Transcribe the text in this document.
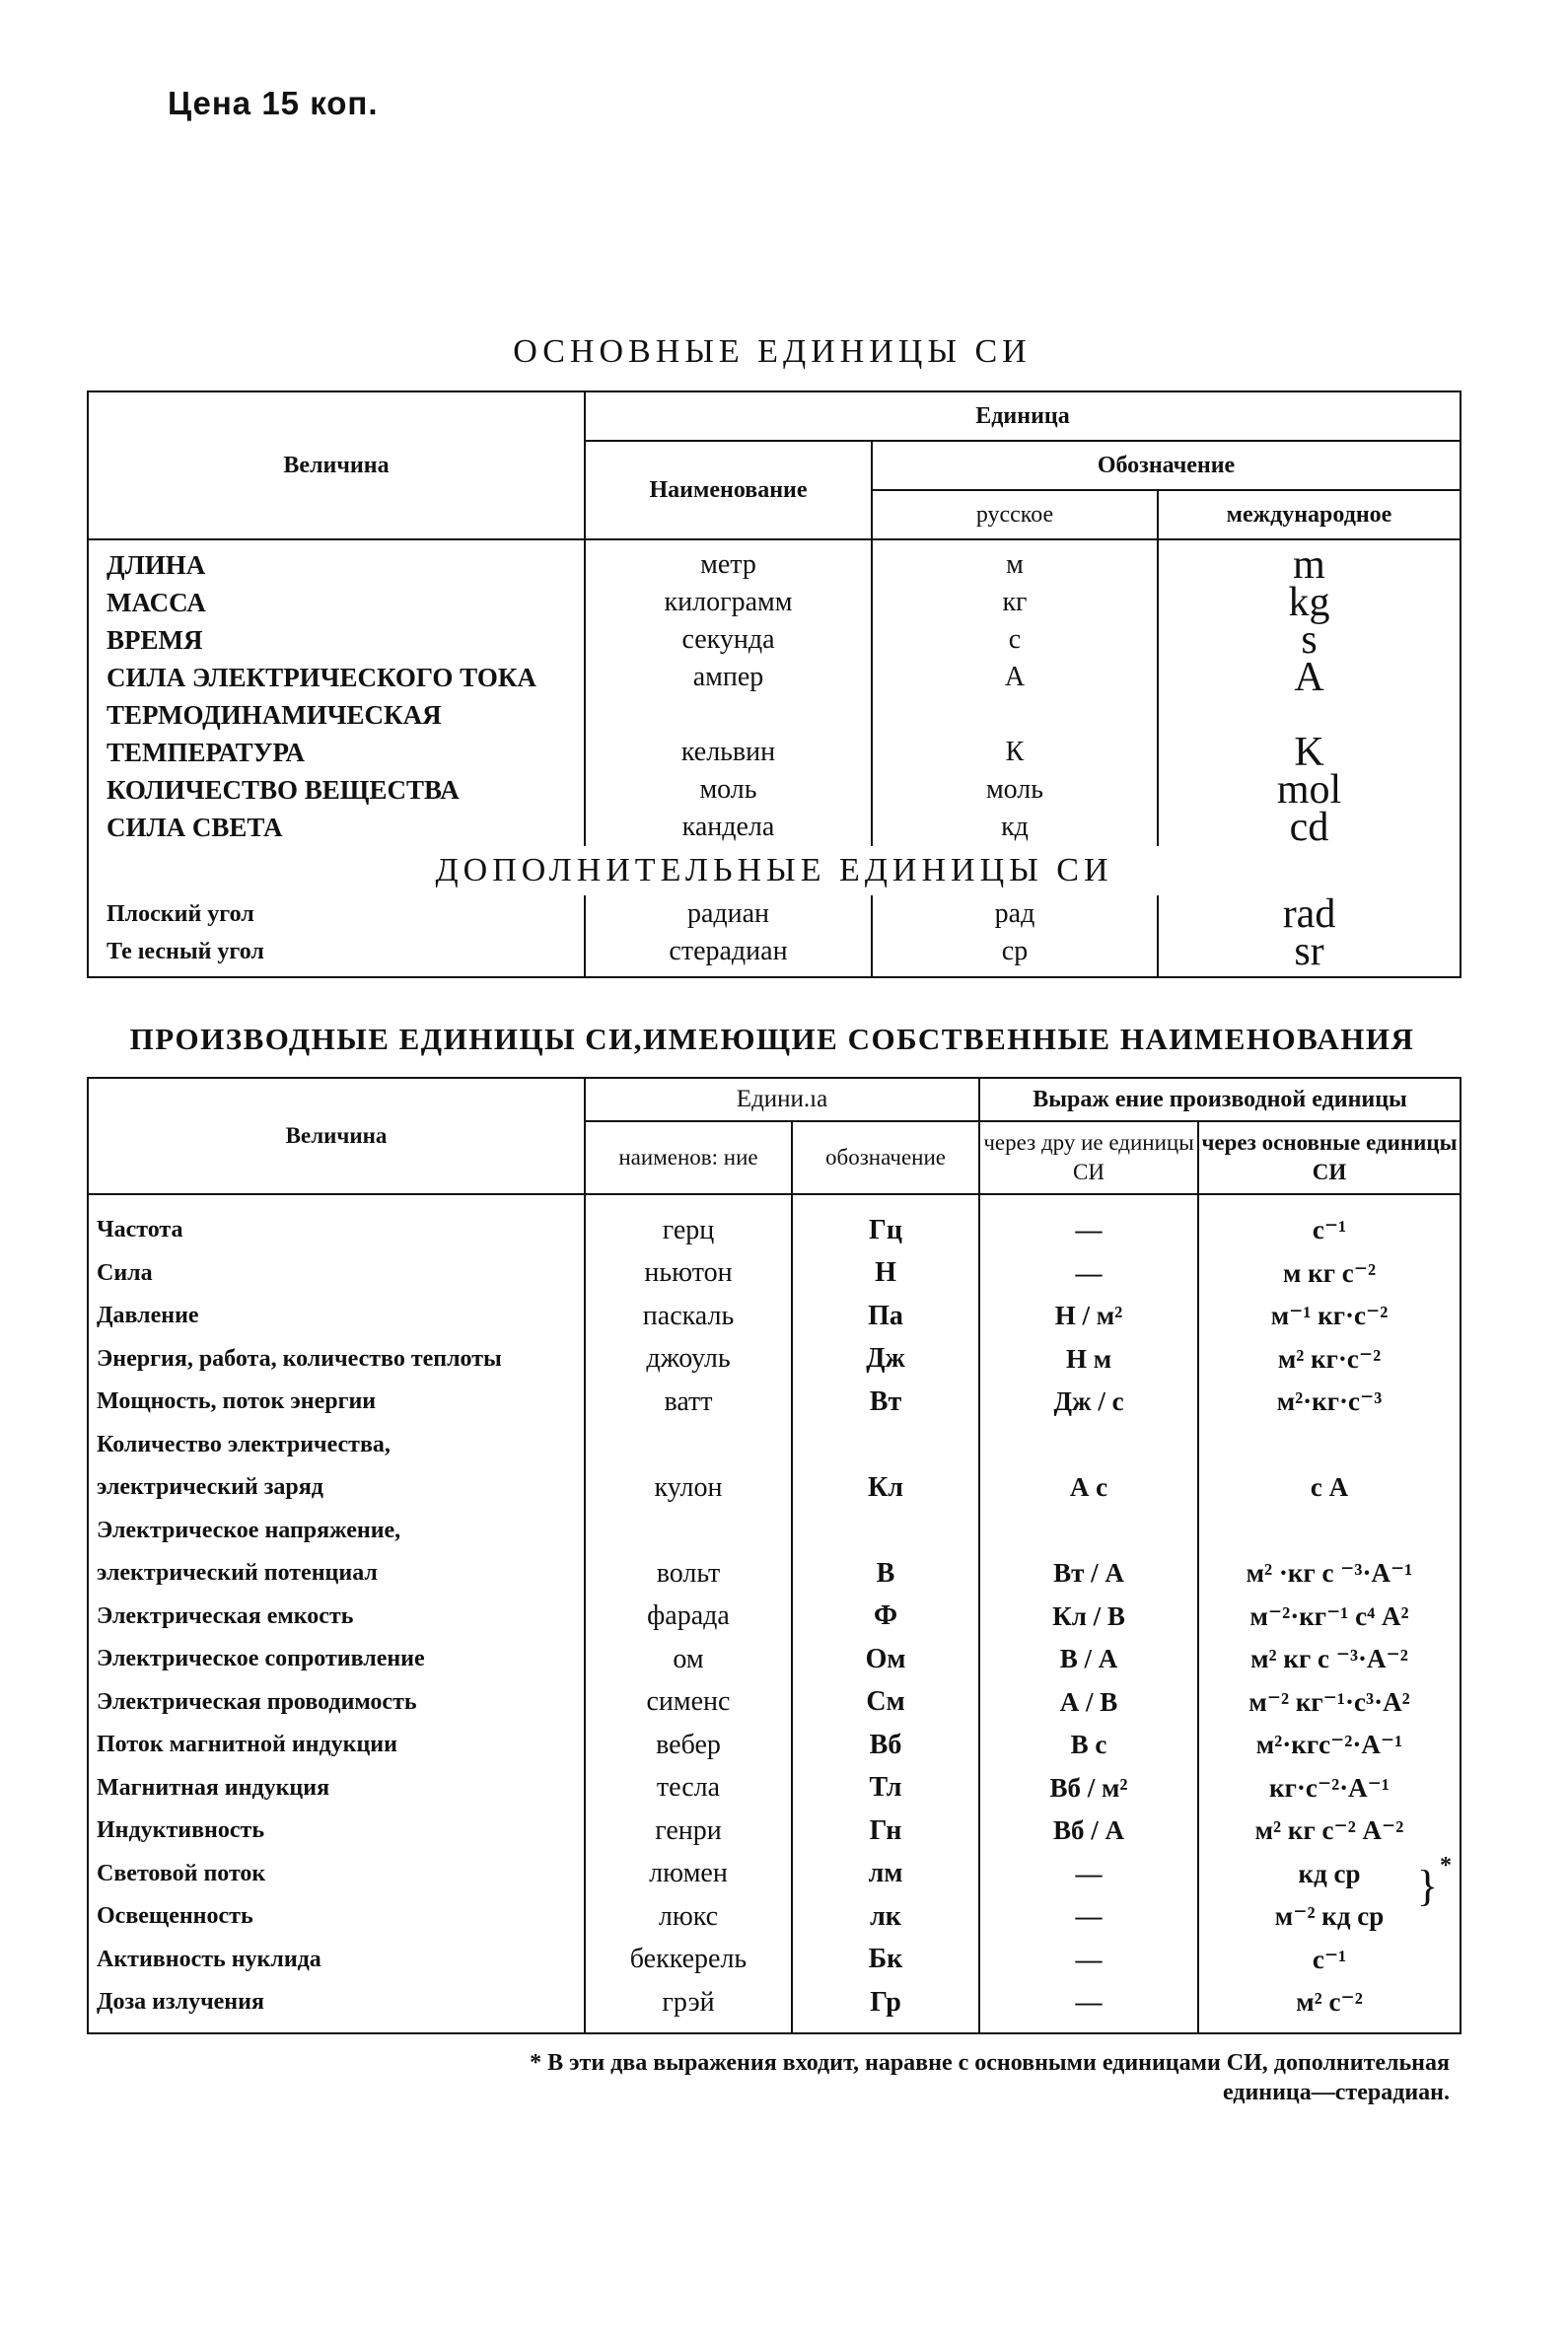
Цена 15 коп.
ОСНОВНЫЕ ЕДИНИЦЫ СИ
Величина	Единица		
	Наименование	Обозначение	
		русское	международное
ДЛИНА	метр	м	m
МАССА	килограмм	кг	kg
ВРЕМЯ	секунда	с	s
СИЛА ЭЛЕКТРИЧЕСКОГО ТОКА	ампер	А	A
ТЕРМОДИНАМИЧЕСКАЯ			
ТЕМПЕРАТУРА	кельвин	К	K
КОЛИЧЕСТВО ВЕЩЕСТВА	моль	моль	mol
СИЛА СВЕТА	кандела	кд	cd
ДОПОЛНИТЕЛЬНЫЕ ЕДИНИЦЫ СИ			
Плоский угол	радиан	рад	rad
Те ıесный угол	стерадиан	ср	sr
ПРОИЗВОДНЫЕ ЕДИНИЦЫ СИ,ИМЕЮЩИЕ СОБСТВЕННЫЕ НАИМЕНОВАНИЯ
Величина	Едини.ıа		Выраж ение производной единицы	
	наименов: ние	обозначение	через дру ие единицы СИ	через основные единицы СИ
Частота	герц	Гц	—	c⁻¹
Сила	ньютон	Н	—	м кг с⁻²
Давление	паскаль	Па	Н / м²	м⁻¹ кг·с⁻²
Энергия, работа, количество теплоты	джоуль	Дж	Н м	м² кг·с⁻²
Мощность, поток энергии	ватт	Вт	Дж / с	м²·кг·с⁻³
Количество электричества,				
электрический заряд	кулон	Кл	А с	с А
Электрическое напряжение,				
электрический потенциал	вольт	В	Вт / А	м² ·кг с ⁻³·А⁻¹
Электрическая емкость	фарада	Ф	Кл / В	м⁻²·кг⁻¹ с⁴ А²
Электрическое сопротивление	ом	Ом	В / А	м² кг с ⁻³·А⁻²
Электрическая проводимость	сименс	См	А / В	м⁻² кг⁻¹·с³·А²
Поток магнитной индукции	вебер	Вб	В с	м²·кгс⁻²·А⁻¹
Магнитная индукция	тесла	Тл	Вб / м²	кг·с⁻²·А⁻¹
Индуктивность	генри	Гн	Вб / А	м² кг с⁻² А⁻²
Световой поток	люмен	лм	—	кд ср } *

Освещенность	люкс	лк	—	м⁻² кд ср
Активность нуклида	беккерель	Бк	—	с⁻¹
Доза излучения	грэй	Гр	—	м² с⁻²
* В эти два выражения входит, наравне с основными единицами СИ, дополнительная
единица—стерадиан.
